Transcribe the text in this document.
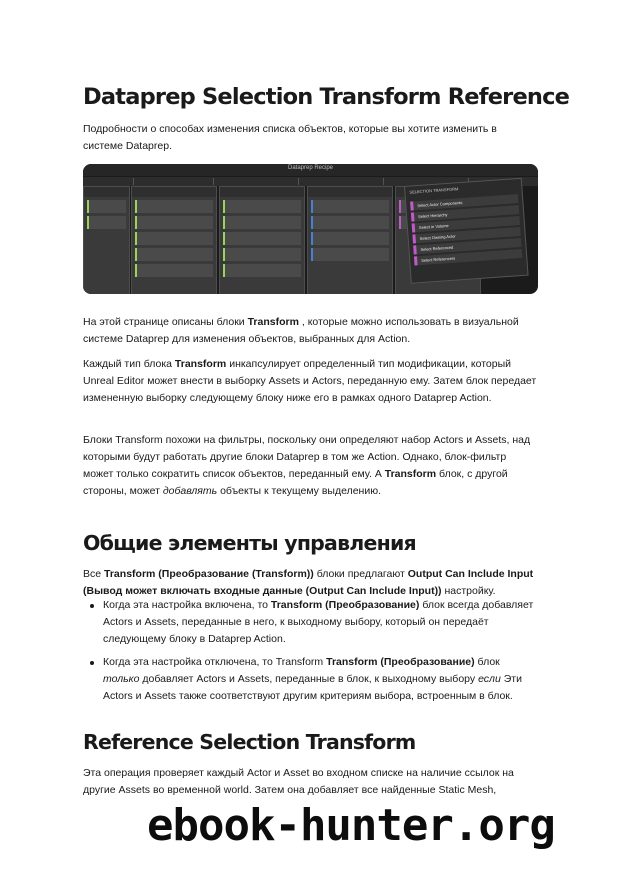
Dataprep Selection Transform Reference

Подробности о способах изменения списка объектов, которые вы хотите изменить в системе Dataprep.

На этой странице описаны блоки Transform , которые можно использовать в визуальной системе Dataprep для изменения объектов, выбранных для Action.

Каждый тип блока Transform инкапсулирует определенный тип модификации, который Unreal Editor может внести в выборку Assets и Actors, переданную ему. Затем блок передает измененную выборку следующему блоку ниже его в рамках одного Dataprep Action.

Блоки Transform похожи на фильтры, поскольку они определяют набор Actors и Assets, над которыми будут работать другие блоки Dataprep в том же Action. Однако, блок-фильтр может только сократить список объектов, переданный ему. А Transform блок, с другой стороны, может добавлять объекты к текущему выделению.

Общие элементы управления

Все Transform (Преобразование (Transform)) блоки предлагают Output Can Include Input (Вывод может включать входные данные (Output Can Include Input)) настройку.

Когда эта настройка включена, то Transform (Преобразование) блок всегда добавляет Actors и Assets, переданные в него, к выходному выбору, который он передаёт следующему блоку в Dataprep Action.
Когда эта настройка отключена, то Transform Transform (Преобразование) блок только добавляет Actors и Assets, переданные в блок, к выходному выбору если Эти Actors и Assets также соответствуют другим критериям выбора, встроенным в блок.
Reference Selection Transform

Эта операция проверяет каждый Actor и Asset во входном списке на наличие ссылок на другие Assets во временной world. Затем она добавляет все найденные Static Mesh,

Dataprep Recipe
SELECTION TRANSFORM
Select Actor Components
Select Hierarchy
Select in Volume
Select Owning Actor
Select Referenced
Select Referencers
ebook-hunter.org
